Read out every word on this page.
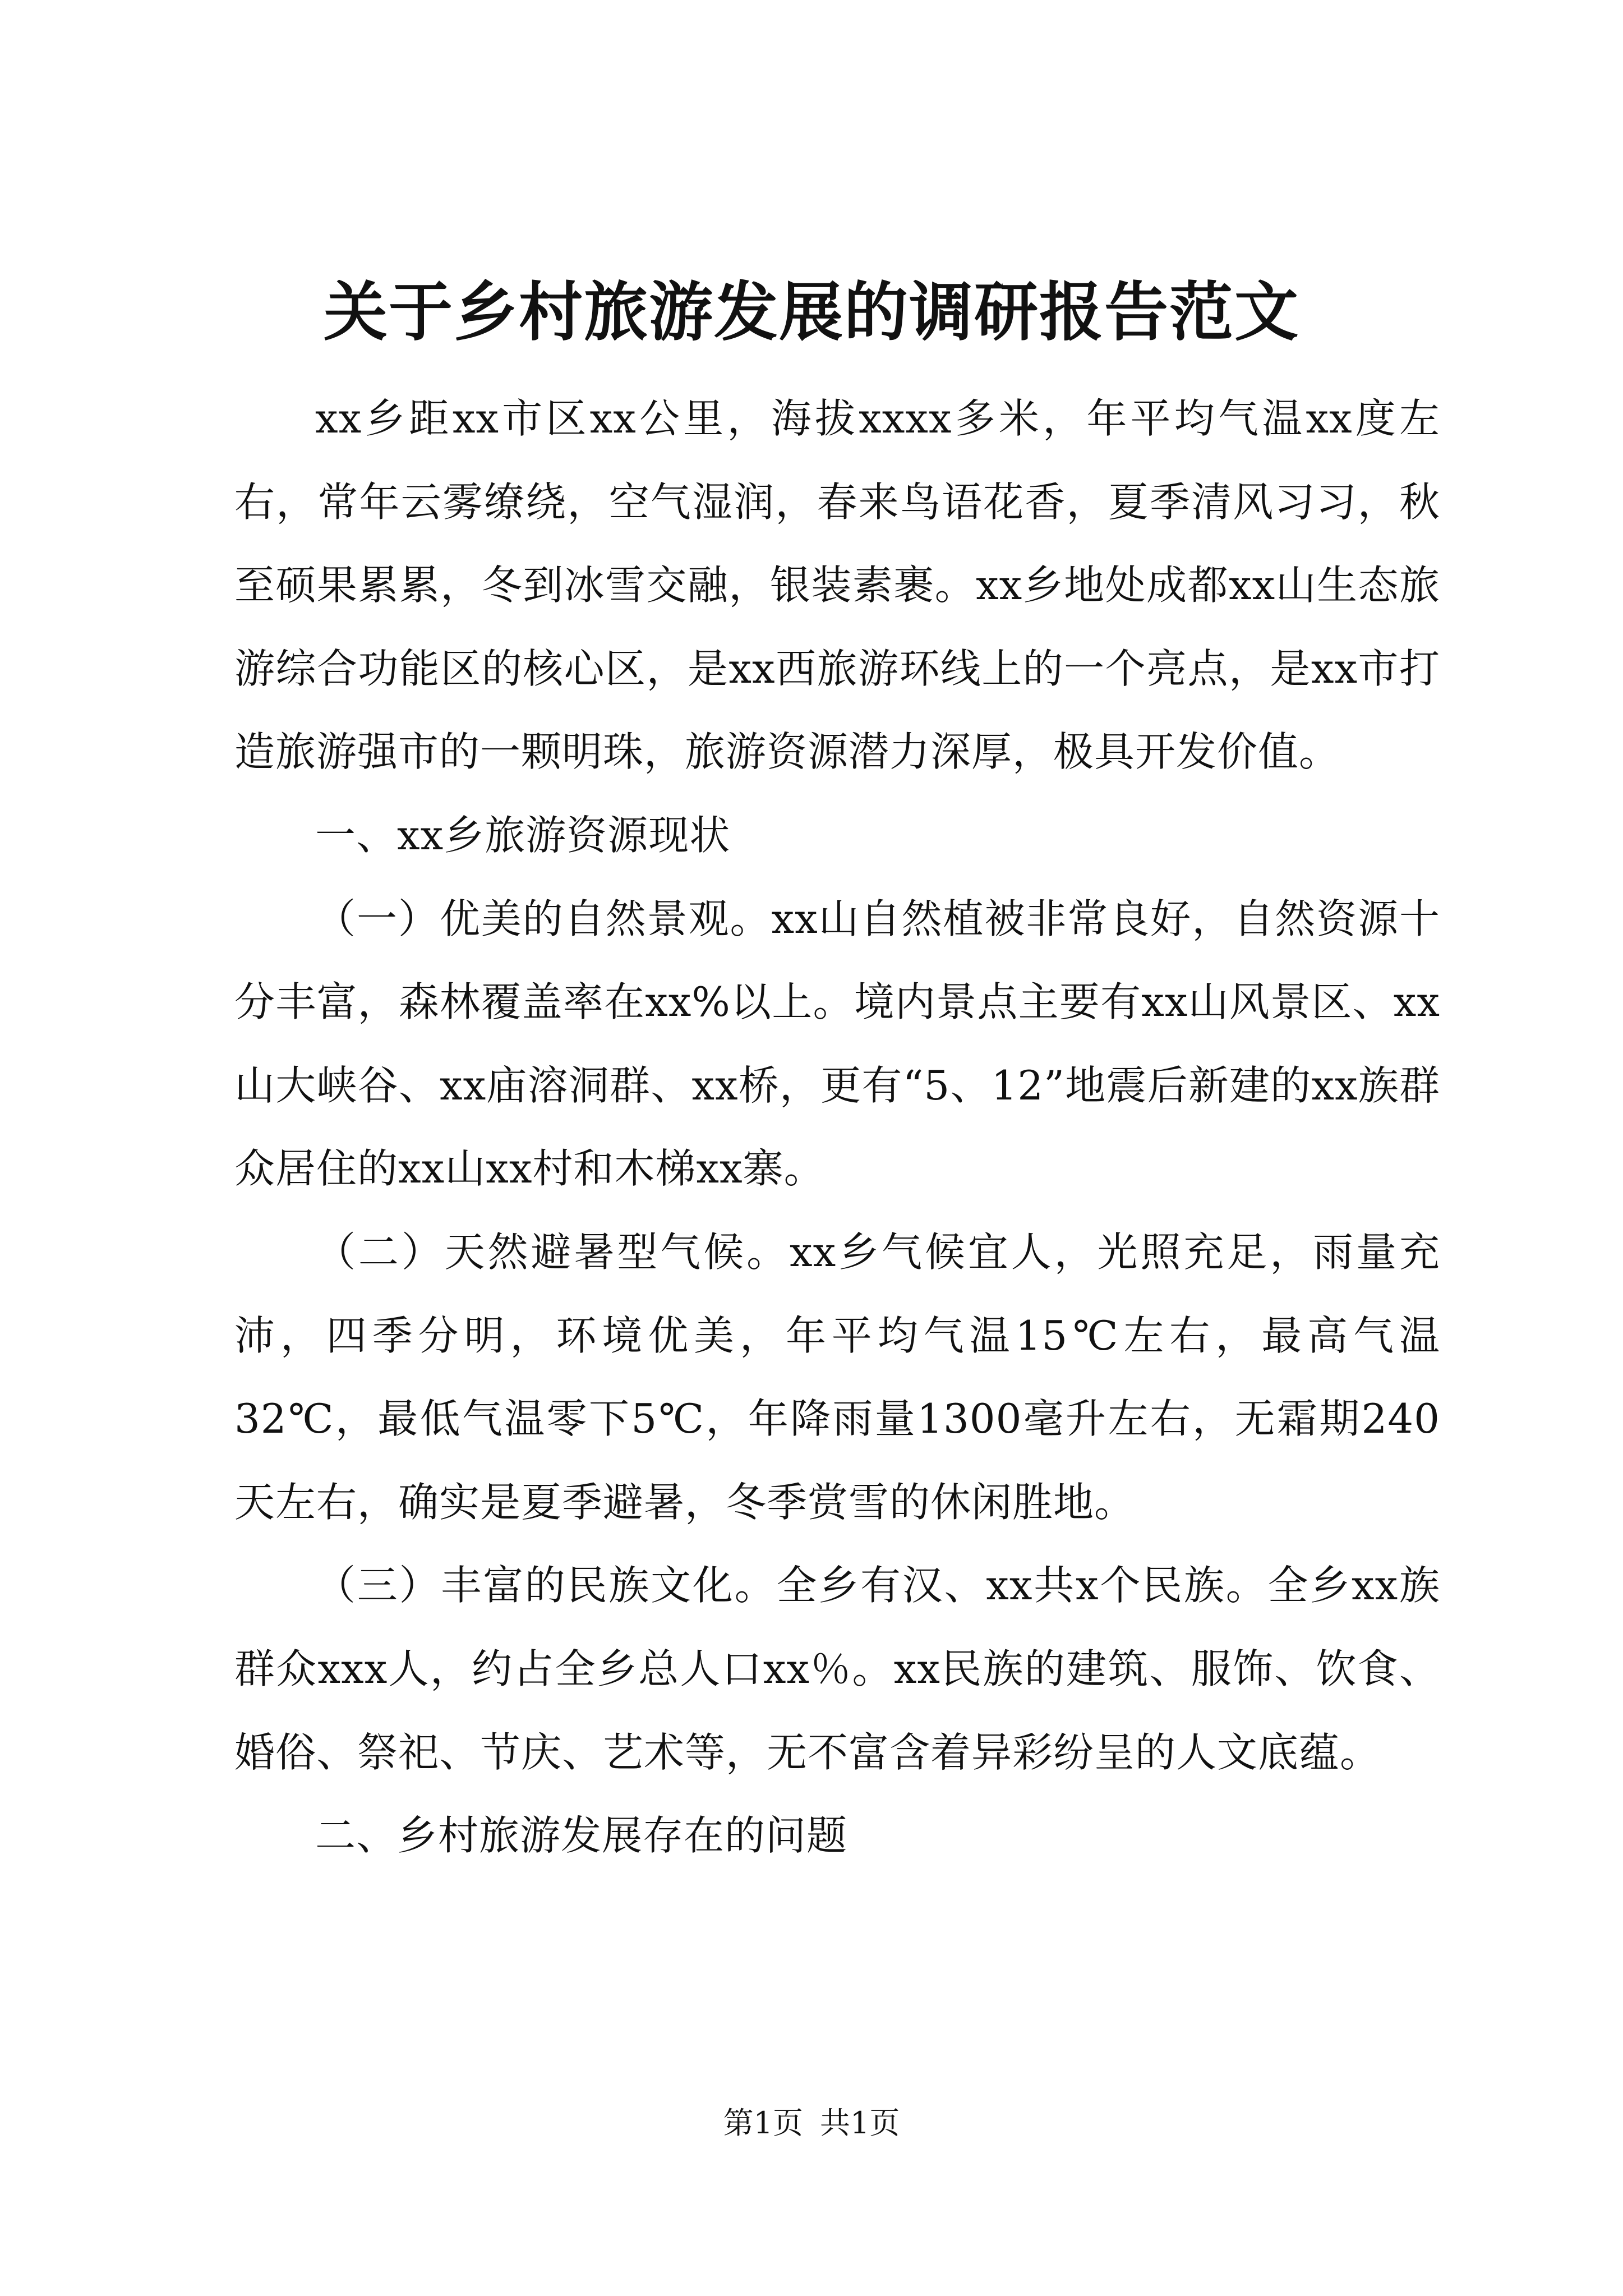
关于乡村旅游发展的调研报告范文

xx乡距xx市区xx公里，海拔xxxx多米，年平均气温xx度左右，常年云雾缭绕，空气湿润，春来鸟语花香，夏季清风习习，秋至硕果累累，冬到冰雪交融，银装素裹。xx乡地处成都xx山生态旅游综合功能区的核心区，是xx西旅游环线上的一个亮点，是xx市打造旅游强市的一颗明珠，旅游资源潜力深厚，极具开发价值。

一、xx乡旅游资源现状

（一）优美的自然景观。xx山自然植被非常良好，自然资源十分丰富，森林覆盖率在xx%以上。境内景点主要有xx山风景区、xx山大峡谷、xx庙溶洞群、xx桥，更有“5、12”地震后新建的xx族群众居住的xx山xx村和木梯xx寨。

（二）天然避暑型气候。xx乡气候宜人，光照充足，雨量充沛，四季分明，环境优美，年平均气温15℃左右，最高气温32℃，最低气温零下5℃，年降雨量1300毫升左右，无霜期240天左右，确实是夏季避暑，冬季赏雪的休闲胜地。

（三）丰富的民族文化。全乡有汉、xx共x个民族。全乡xx族群众xxx人，约占全乡总人口xx％。xx民族的建筑、服饰、饮食、婚俗、祭祀、节庆、艺术等，无不富含着异彩纷呈的人文底蕴。

二、乡村旅游发展存在的问题

第1页 共1页
